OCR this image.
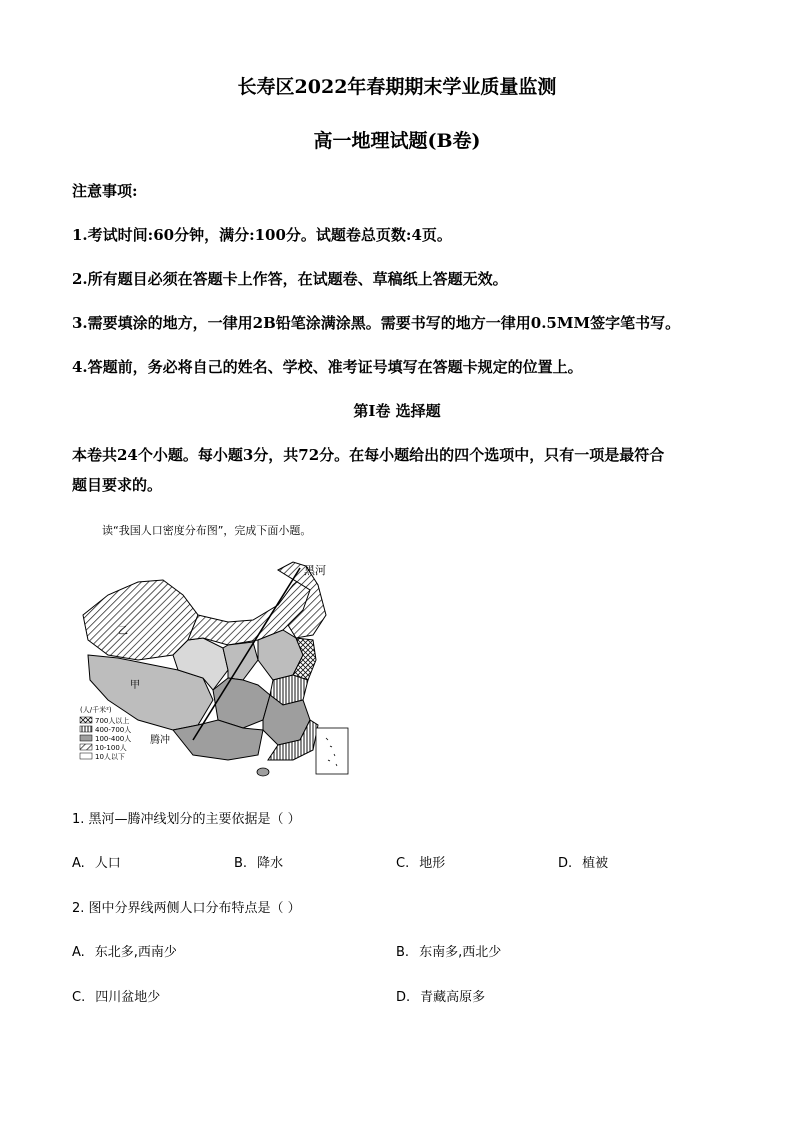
长寿区2022年春期期末学业质量监测
高一地理试题(B卷)
注意事项:
1.考试时间:60分钟，满分:100分。试题卷总页数:4页。
2.所有题目必须在答题卡上作答，在试题卷、草稿纸上答题无效。
3.需要填涂的地方，一律用2B铅笔涂满涂黑。需要书写的地方一律用0.5MM签字笔书写。
4.答题前，务必将自己的姓名、学校、准考证号填写在答题卡规定的位置上。
第Ⅰ卷 选择题
本卷共24个小题。每小题3分，共72分。在每小题给出的四个选项中，只有一项是最符合
题目要求的。
读“我国人口密度分布图”，完成下面小题。
黑河
腾冲
甲
乙
(人/千米²)
700人以上
400-700人
100-400人
10-100人
10人以下
1. 黑河—腾冲线划分的主要依据是（ ）
A. 人口	B. 降水	C. 地形	D. 植被
2. 图中分界线两侧人口分布特点是（ ）
A. 东北多,西南少	B. 东南多,西北少
C. 四川盆地少	D. 青藏高原多
